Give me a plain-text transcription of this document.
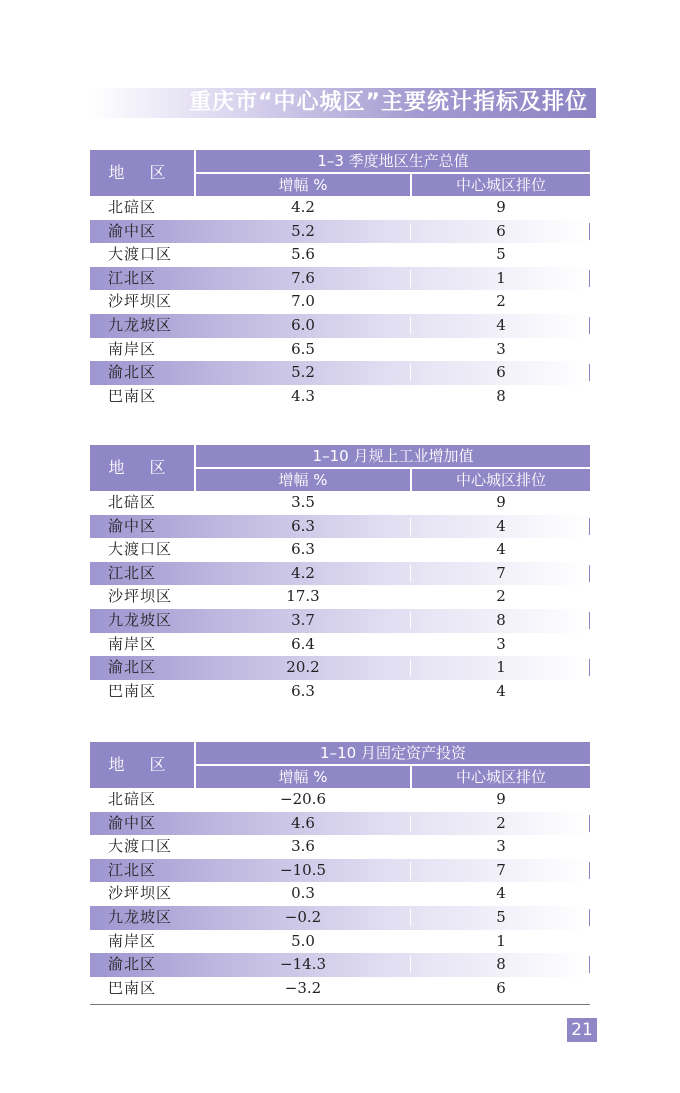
重庆市“中心城区”主要统计指标及排位
地 区
1–3 季度地区生产总值
增幅 %	中心城区排位
北碚区	4.2	9
渝中区	5.2	6
大渡口区	5.6	5
江北区	7.6	1
沙坪坝区	7.0	2
九龙坡区	6.0	4
南岸区	6.5	3
渝北区	5.2	6
巴南区	4.3	8
地 区
1–10 月规上工业增加值
增幅 %	中心城区排位
北碚区	3.5	9
渝中区	6.3	4
大渡口区	6.3	4
江北区	4.2	7
沙坪坝区	17.3	2
九龙坡区	3.7	8
南岸区	6.4	3
渝北区	20.2	1
巴南区	6.3	4
地 区
1–10 月固定资产投资
增幅 %	中心城区排位
北碚区	−20.6	9
渝中区	4.6	2
大渡口区	3.6	3
江北区	−10.5	7
沙坪坝区	0.3	4
九龙坡区	−0.2	5
南岸区	5.0	1
渝北区	−14.3	8
巴南区	−3.2	6
21
